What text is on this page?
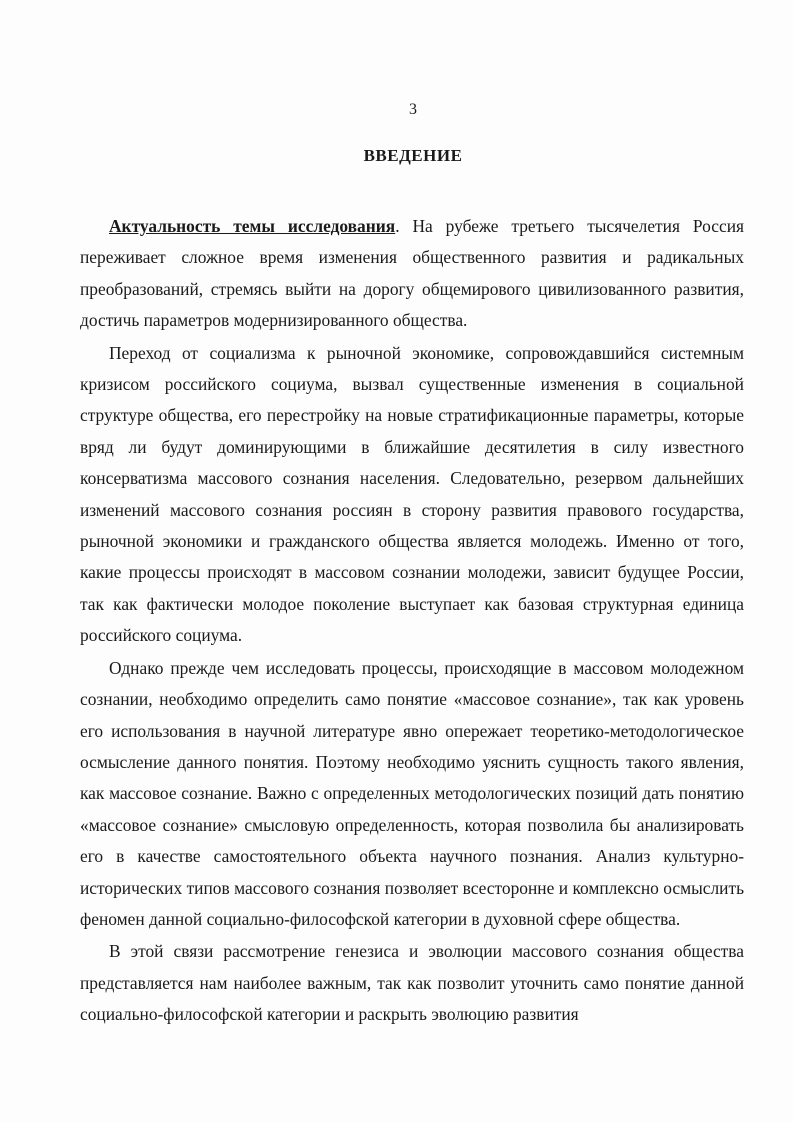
3
ВВЕДЕНИЕ

Актуальность темы исследования. На рубеже третьего тысячелетия Россия переживает сложное время изменения общественного развития и радикальных преобразований, стремясь выйти на дорогу общемирового цивилизованного развития, достичь параметров модернизированного общества.

Переход от социализма к рыночной экономике, сопровождавшийся системным кризисом российского социума, вызвал существенные изменения в социальной структуре общества, его перестройку на новые стратификационные параметры, которые вряд ли будут доминирующими в ближайшие десятилетия в силу известного консерватизма массового сознания населения. Следовательно, резервом дальнейших изменений массового сознания россиян в сторону развития правового государства, рыночной экономики и гражданского общества является молодежь. Именно от того, какие процессы происходят в массовом сознании молодежи, зависит будущее России, так как фактически молодое поколение выступает как базовая структурная единица российского социума.

Однако прежде чем исследовать процессы, происходящие в массовом молодежном сознании, необходимо определить само понятие «массовое сознание», так как уровень его использования в научной литературе явно опережает теоретико-методологическое осмысление данного понятия. Поэтому необходимо уяснить сущность такого явления, как массовое сознание. Важно с определенных методологических позиций дать понятию «массовое сознание» смысловую определенность, которая позволила бы анализировать его в качестве самостоятельного объекта научного познания. Анализ культурно-исторических типов массового сознания позволяет всесторонне и комплексно осмыслить феномен данной социально-философской категории в духовной сфере общества.

В этой связи рассмотрение генезиса и эволюции массового сознания общества представляется нам наиболее важным, так как позволит уточнить само понятие данной социально-философской категории и раскрыть эволюцию развития
